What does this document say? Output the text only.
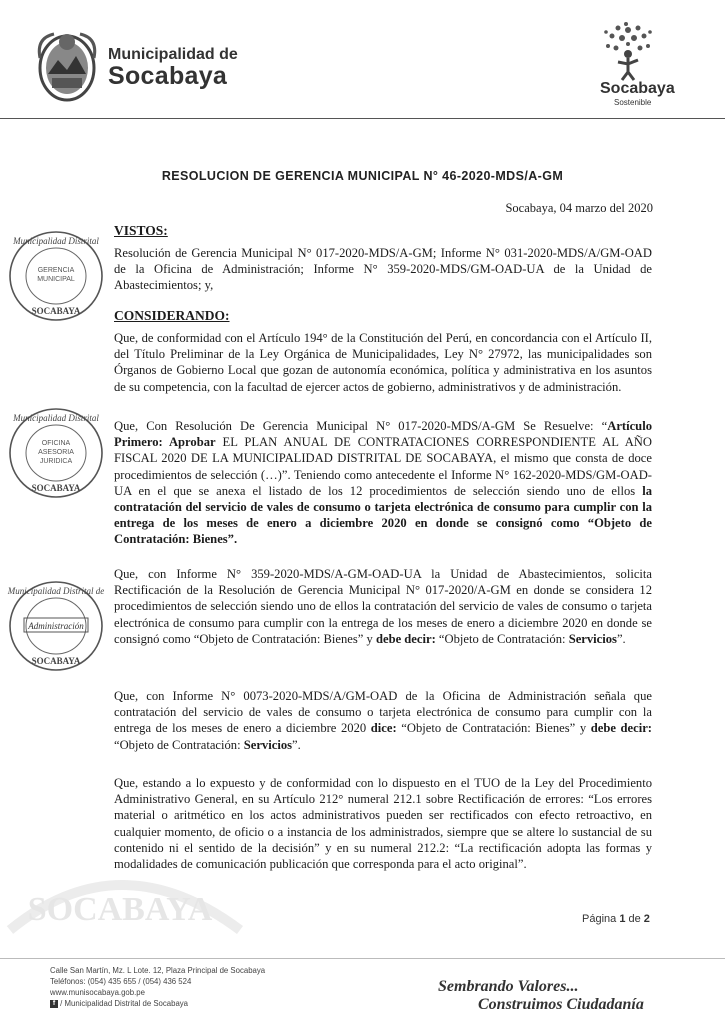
Municipalidad de
Socabaya	Socabaya
Sostenible
RESOLUCION DE GERENCIA MUNICIPAL N° 46-2020-MDS/A-GM
Socabaya, 04 marzo del 2020
Municipalidad Distrital
GERENCIA
MUNICIPAL
SOCABAYA
Municipalidad Distrital
OFICINA
ASESORIA
JURIDICA
SOCABAYA
Municipalidad Distrital de
Administración
SOCABAYA
SOCABAYA
VISTOS:

Resolución de Gerencia Municipal N° 017-2020-MDS/A-GM; Informe N° 031-2020-MDS/A/GM-OAD de la Oficina de Administración; Informe N° 359-2020-MDS/GM-OAD-UA de la Unidad de Abastecimientos; y,

CONSIDERANDO:

Que, de conformidad con el Artículo 194° de la Constitución del Perú, en concordancia con el Artículo II, del Título Preliminar de la Ley Orgánica de Municipalidades, Ley N° 27972, las municipalidades son Órganos de Gobierno Local que gozan de autonomía económica, política y administrativa en los asuntos de su competencia, con la facultad de ejercer actos de gobierno, administrativos y de administración.

Que, Con Resolución De Gerencia Municipal N° 017-2020-MDS/A-GM Se Resuelve: “Artículo Primero: Aprobar EL PLAN ANUAL DE CONTRATACIONES CORRESPONDIENTE AL AÑO FISCAL 2020 DE LA MUNICIPALIDAD DISTRITAL DE SOCABAYA, el mismo que consta de doce procedimientos de selección (…)”. Teniendo como antecedente el Informe N° 162-2020-MDS/GM-OAD-UA en el que se anexa el listado de los 12 procedimientos de selección siendo uno de ellos la contratación del servicio de vales de consumo o tarjeta electrónica de consumo para cumplir con la entrega de los meses de enero a diciembre 2020 en donde se consignó como “Objeto de Contratación: Bienes”.

Que, con Informe N° 359-2020-MDS/A-GM-OAD-UA la Unidad de Abastecimientos, solicita Rectificación de la Resolución de Gerencia Municipal N° 017-2020/A-GM en donde se considera 12 procedimientos de selección siendo uno de ellos la contratación del servicio de vales de consumo o tarjeta electrónica de consumo para cumplir con la entrega de los meses de enero a diciembre 2020 en donde se consignó como “Objeto de Contratación: Bienes” y debe decir: “Objeto de Contratación: Servicios”.

Que, con Informe N° 0073-2020-MDS/A/GM-OAD de la Oficina de Administración señala que contratación del servicio de vales de consumo o tarjeta electrónica de consumo para cumplir con la entrega de los meses de enero a diciembre 2020 dice: “Objeto de Contratación: Bienes” y debe decir: “Objeto de Contratación: Servicios”.

Que, estando a lo expuesto y de conformidad con lo dispuesto en el TUO de la Ley del Procedimiento Administrativo General, en su Artículo 212° numeral 212.1 sobre Rectificación de errores: “Los errores material o aritmético en los actos administrativos pueden ser rectificados con efecto retroactivo, en cualquier momento, de oficio o a instancia de los administrados, siempre que se altere lo sustancial de su contenido ni el sentido de la decisión” y en su numeral 212.2: “La rectificación adopta las formas y modalidades de comunicación publicación que corresponda para el acto original”.

Página 1 de 2
Calle San Martín, Mz. L Lote. 12, Plaza Principal de Socabaya
Teléfonos: (054) 435 655 / (054) 436 524
www.munisocabaya.gob.pe
f / Municipalidad Distrital de Socabaya
Sembrando Valores...
Construimos Ciudadanía
